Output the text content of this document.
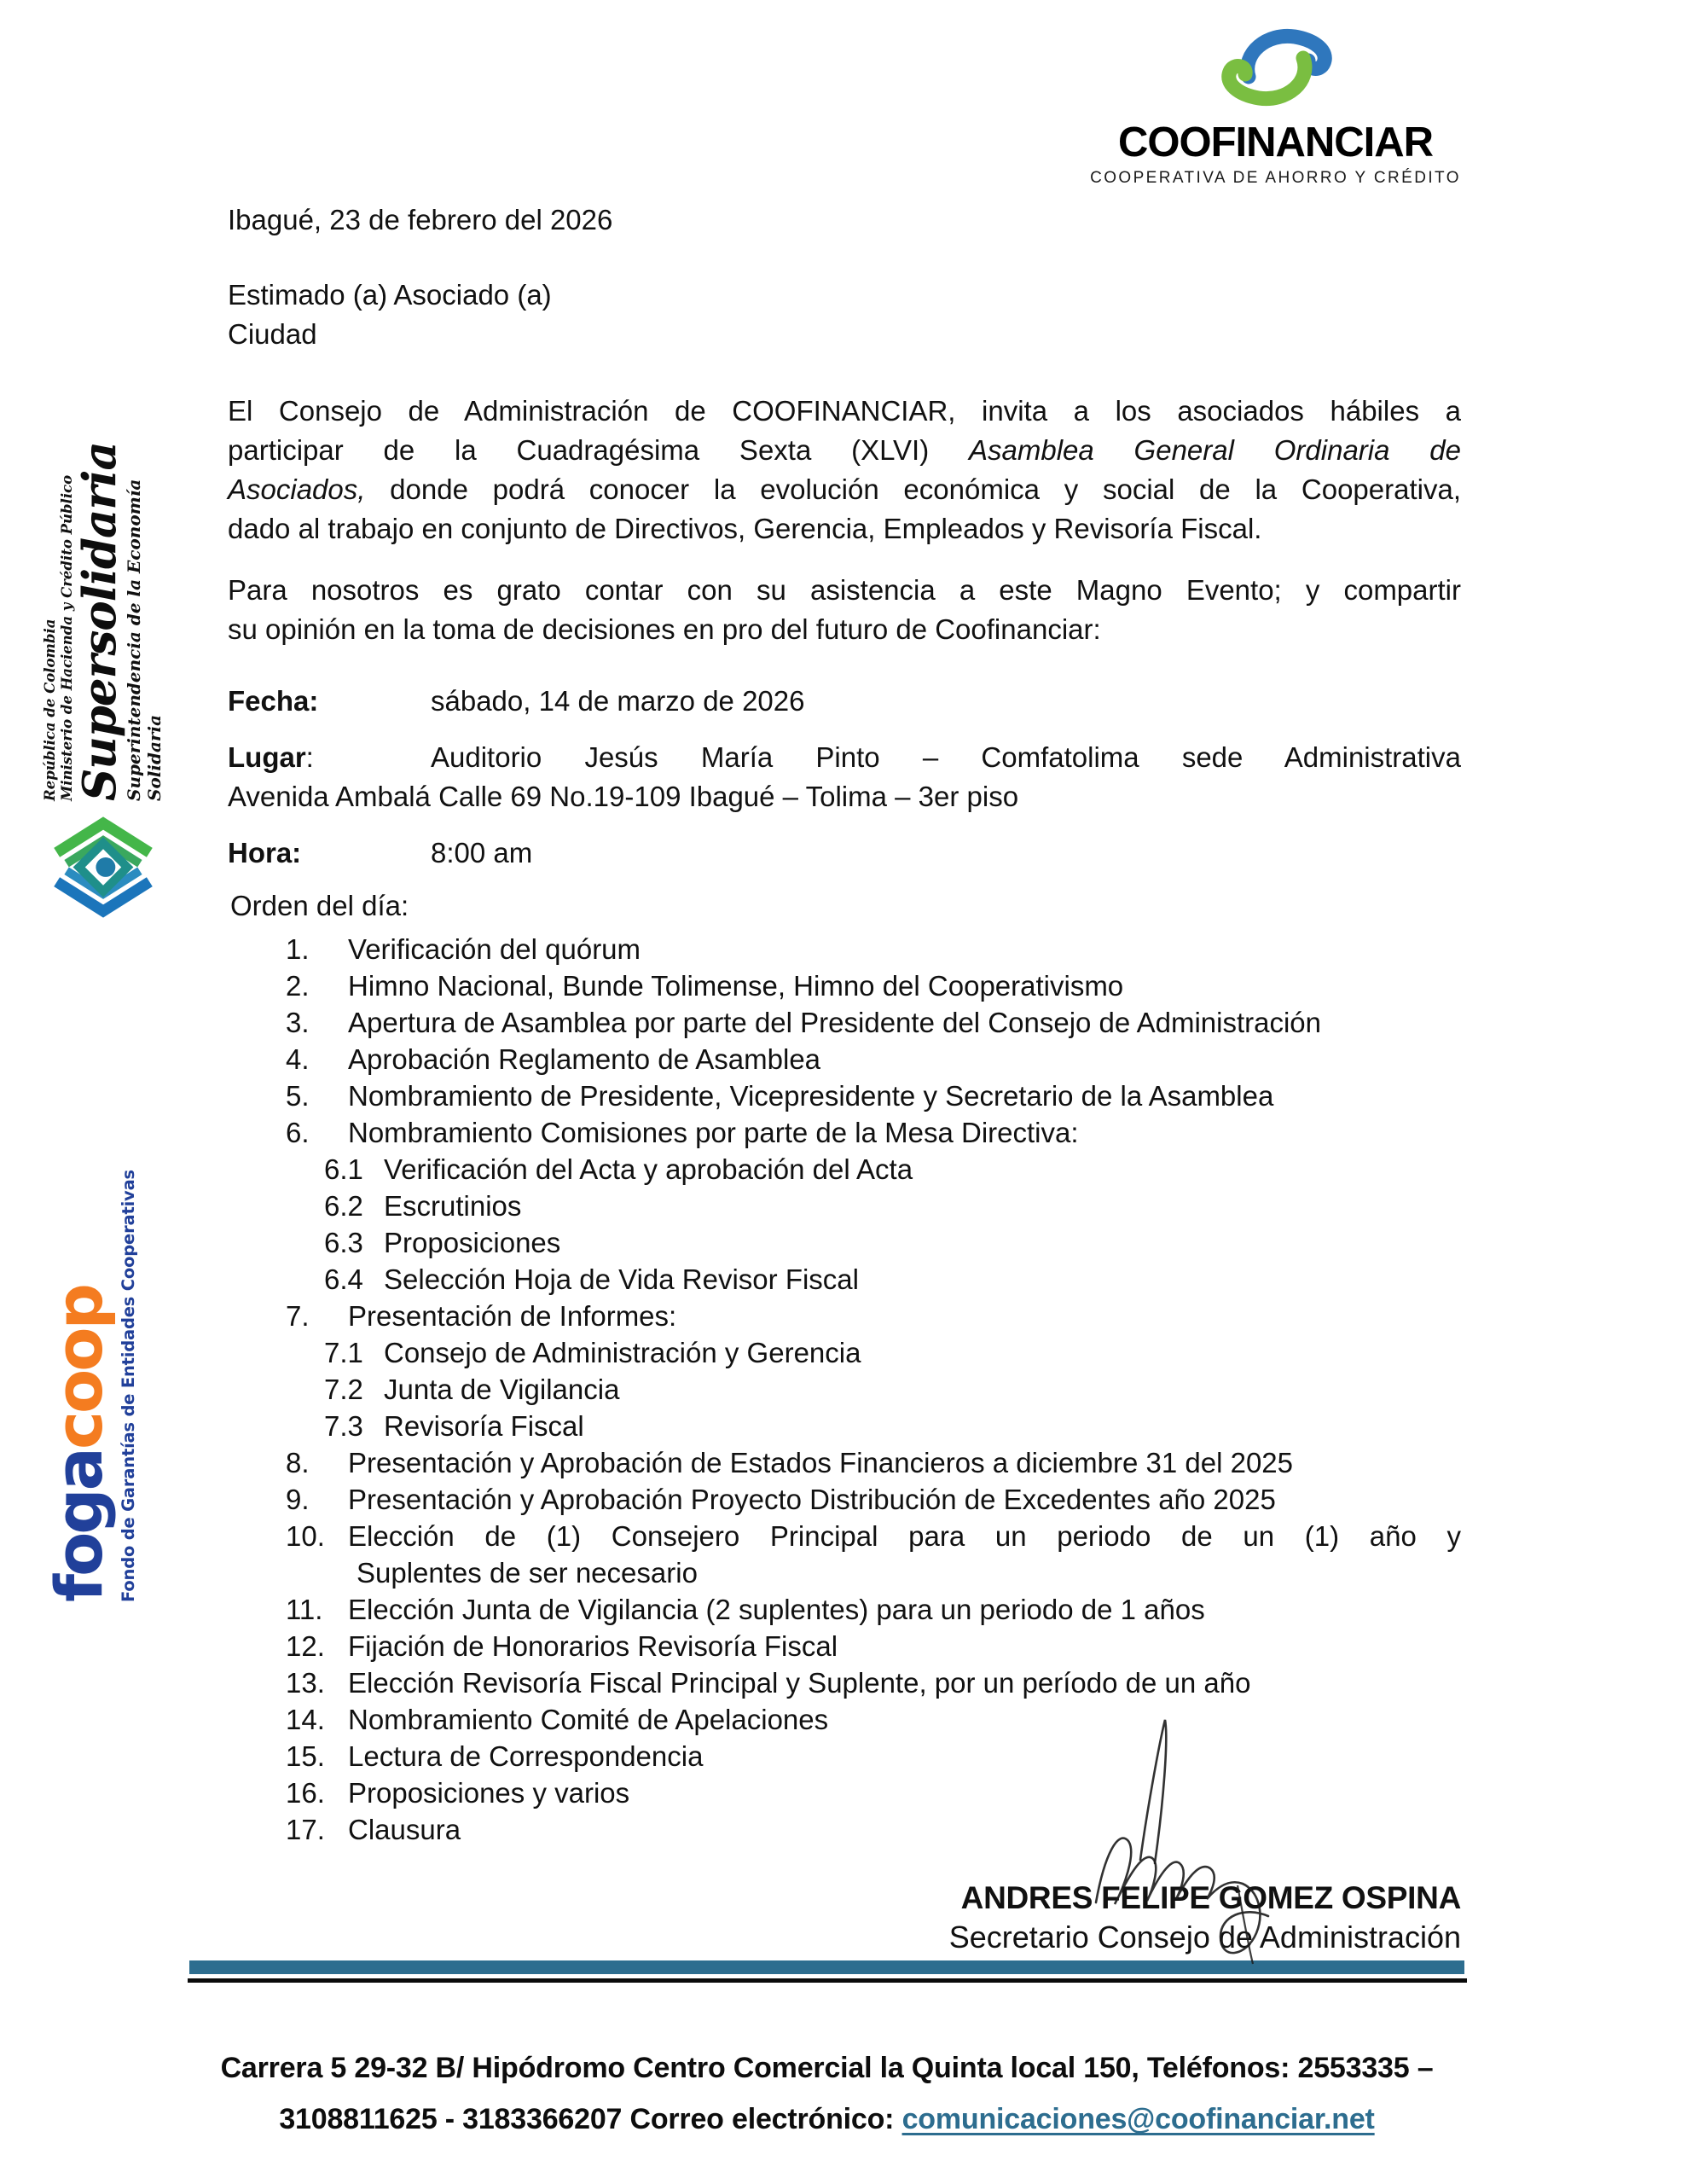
COOFINANCIAR
COOPERATIVA DE AHORRO Y CRÉDITO
República de Colombia Ministerio de Hacienda y Crédito Público
Supersolidaria
Superintendencia de la Economía Solidaria
fogacoop Fondo de Garantías de Entidades Cooperativas
Ibagué, 23 de febrero del 2026
Estimado (a) Asociado (a)
Ciudad
El Consejo de Administración de COOFINANCIAR, invita a los asociados hábiles a
participar de la Cuadragésima Sexta (XLVI) Asamblea General Ordinaria de
Asociados, donde podrá conocer la evolución económica y social de la Cooperativa,
dado al trabajo en conjunto de Directivos, Gerencia, Empleados y Revisoría Fiscal.
Para nosotros es grato contar con su asistencia a este Magno Evento; y compartir
su opinión en la toma de decisiones en pro del futuro de Coofinanciar:
Fecha:	sábado, 14 de marzo de 2026
Lugar:	Auditorio Jesús María Pinto – Comfatolima sede Administrativa
Avenida Ambalá Calle 69 No.19-109 Ibagué – Tolima – 3er piso
Hora:	8:00 am
Orden del día:
1.	Verificación del quórum
2.	Himno Nacional, Bunde Tolimense, Himno del Cooperativismo
3.	Apertura de Asamblea por parte del Presidente del Consejo de Administración
4.	Aprobación Reglamento de Asamblea
5.	Nombramiento de Presidente, Vicepresidente y Secretario de la Asamblea
6.	Nombramiento Comisiones por parte de la Mesa Directiva:
6.1 Verificación del Acta y aprobación del Acta
6.2 Escrutinios
6.3 Proposiciones
6.4 Selección Hoja de Vida Revisor Fiscal
7.	Presentación de Informes:
7.1 Consejo de Administración y Gerencia
7.2 Junta de Vigilancia
7.3 Revisoría Fiscal
8.	Presentación y Aprobación de Estados Financieros a diciembre 31 del 2025
9.	Presentación y Aprobación Proyecto Distribución de Excedentes año 2025
10. Elección de (1) Consejero Principal para un periodo de un (1) año y
Suplentes de ser necesario
11. Elección Junta de Vigilancia (2 suplentes) para un periodo de 1 años
12. Fijación de Honorarios Revisoría Fiscal
13. Elección Revisoría Fiscal Principal y Suplente, por un período de un año
14. Nombramiento Comité de Apelaciones
15. Lectura de Correspondencia
16. Proposiciones y varios
17. Clausura
ANDRES FELIPE GOMEZ OSPINA
Secretario Consejo de Administración
Carrera 5 29-32 B/ Hipódromo Centro Comercial la Quinta local 150, Teléfonos: 2553335 –
3108811625 - 3183366207 Correo electrónico: comunicaciones@coofinanciar.net
